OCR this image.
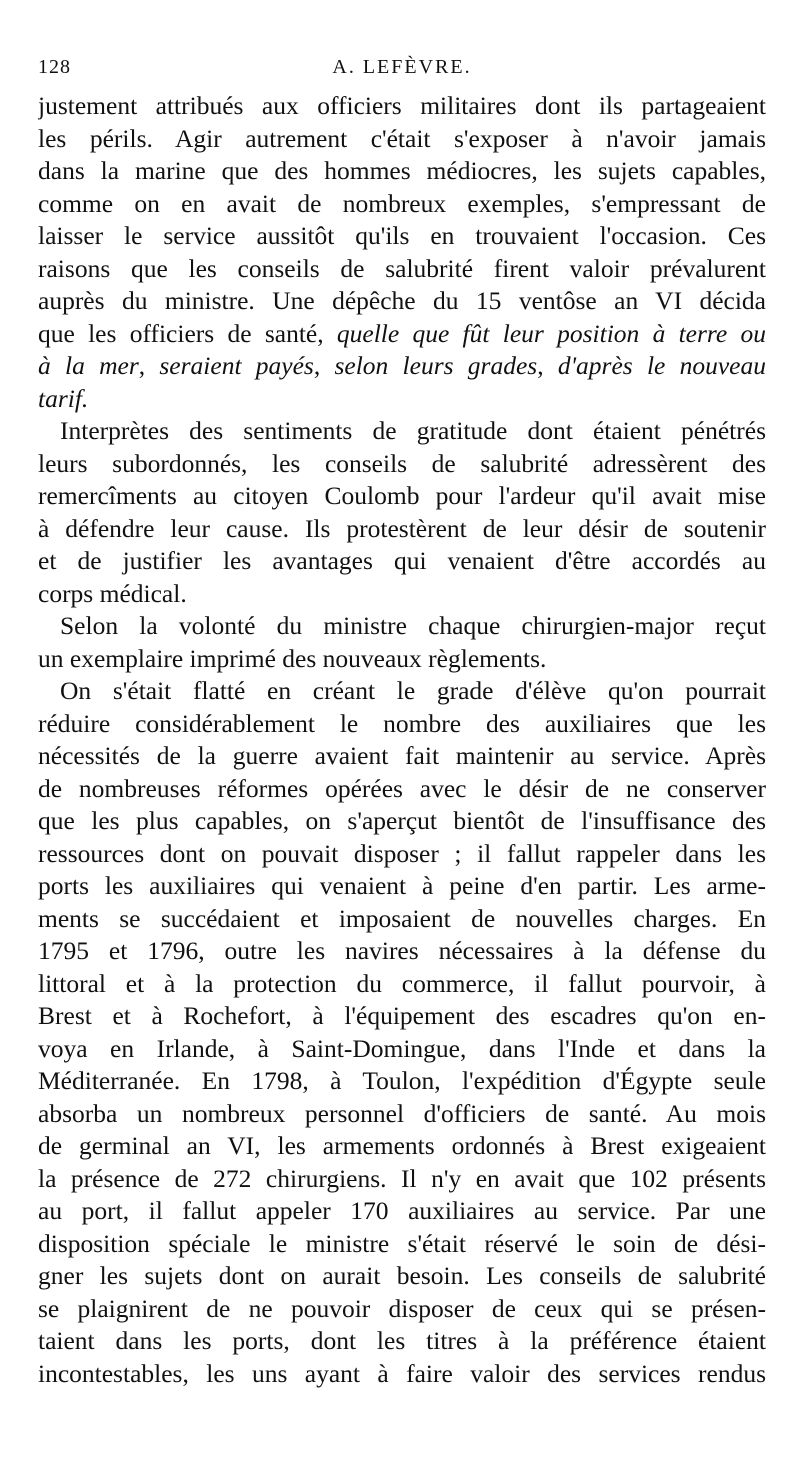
128	A. LEFÈVRE.
justement attribués aux officiers militaires dont ils partageaient
les périls. Agir autrement c'était s'exposer à n'avoir jamais
dans la marine que des hommes médiocres, les sujets capables,
comme on en avait de nombreux exemples, s'empressant de
laisser le service aussitôt qu'ils en trouvaient l'occasion. Ces
raisons que les conseils de salubrité firent valoir prévalurent
auprès du ministre. Une dépêche du 15 ventôse an VI décida
que les officiers de santé, quelle que fût leur position à terre ou
à la mer, seraient payés, selon leurs grades, d'après le nouveau
tarif.
Interprètes des sentiments de gratitude dont étaient pénétrés
leurs subordonnés, les conseils de salubrité adressèrent des
remercîments au citoyen Coulomb pour l'ardeur qu'il avait mise
à défendre leur cause. Ils protestèrent de leur désir de soutenir
et de justifier les avantages qui venaient d'être accordés au
corps médical.
Selon la volonté du ministre chaque chirurgien-major reçut
un exemplaire imprimé des nouveaux règlements.
On s'était flatté en créant le grade d'élève qu'on pourrait
réduire considérablement le nombre des auxiliaires que les
nécessités de la guerre avaient fait maintenir au service. Après
de nombreuses réformes opérées avec le désir de ne conserver
que les plus capables, on s'aperçut bientôt de l'insuffisance des
ressources dont on pouvait disposer ; il fallut rappeler dans les
ports les auxiliaires qui venaient à peine d'en partir. Les arme-
ments se succédaient et imposaient de nouvelles charges. En
1795 et 1796, outre les navires nécessaires à la défense du
littoral et à la protection du commerce, il fallut pourvoir, à
Brest et à Rochefort, à l'équipement des escadres qu'on en-
voya en Irlande, à Saint-Domingue, dans l'Inde et dans la
Méditerranée. En 1798, à Toulon, l'expédition d'Égypte seule
absorba un nombreux personnel d'officiers de santé. Au mois
de germinal an VI, les armements ordonnés à Brest exigeaient
la présence de 272 chirurgiens. Il n'y en avait que 102 présents
au port, il fallut appeler 170 auxiliaires au service. Par une
disposition spéciale le ministre s'était réservé le soin de dési-
gner les sujets dont on aurait besoin. Les conseils de salubrité
se plaignirent de ne pouvoir disposer de ceux qui se présen-
taient dans les ports, dont les titres à la préférence étaient
incontestables, les uns ayant à faire valoir des services rendus
